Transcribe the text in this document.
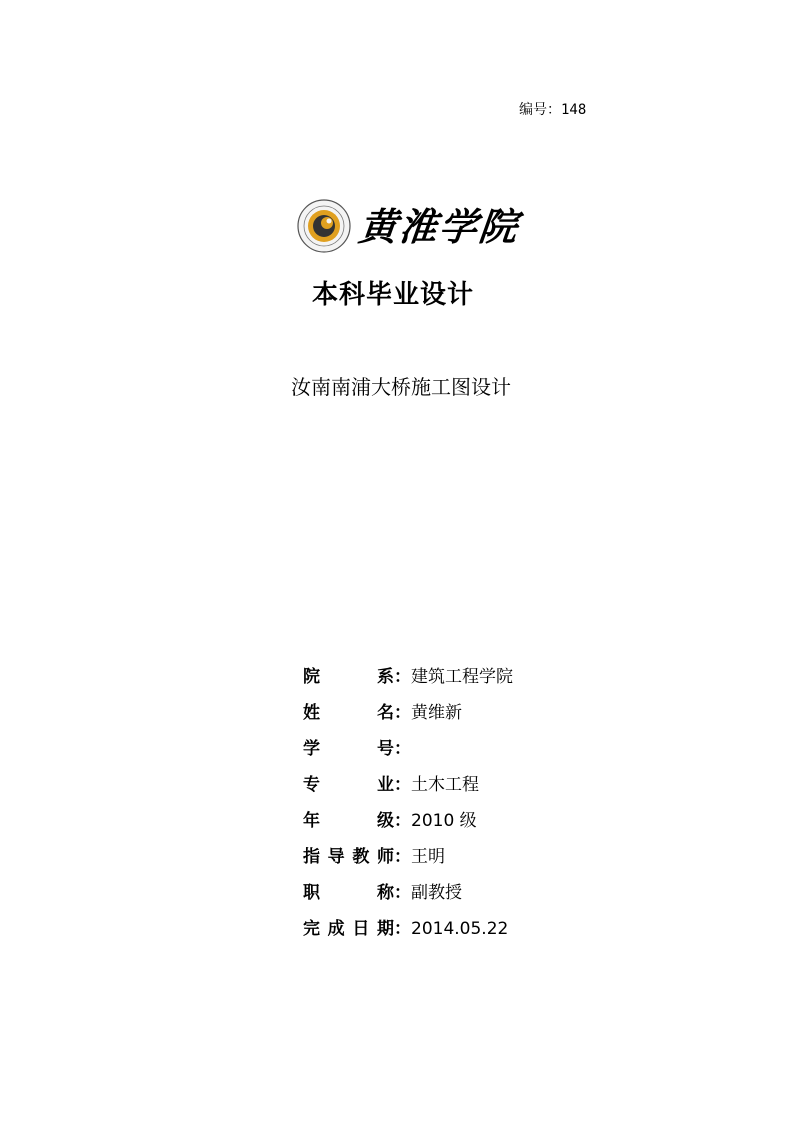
编号：148
黄淮学院
本科毕业设计
汝南南浦大桥施工图设计
院	系 ： 建筑工程学院
姓	名 ： 黄维新
学	号 ：
专	业 ： 土木工程
年	级 ： 2010 级
指 导 教 师 ： 王明
职	称 ： 副教授
完 成 日 期 ： 2014.05.22
